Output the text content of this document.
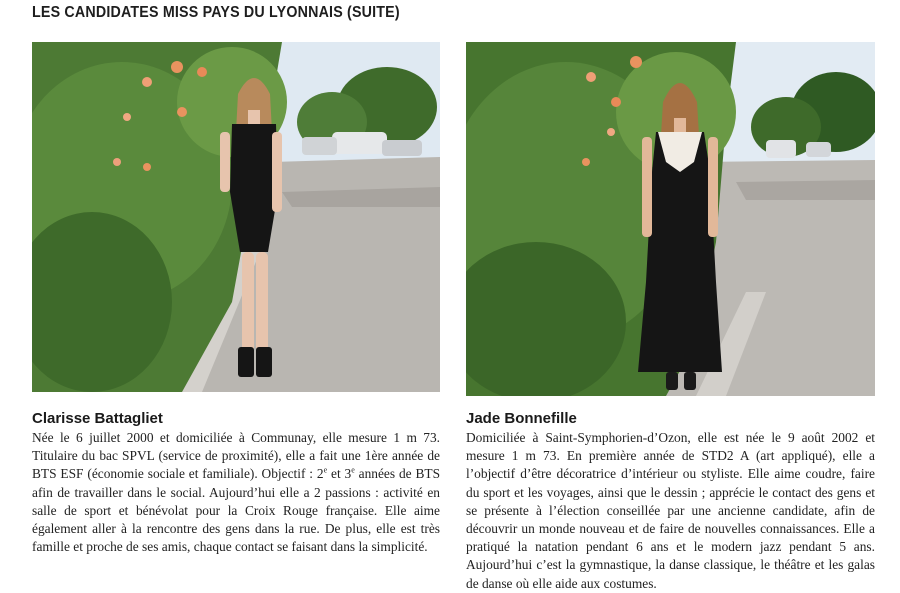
LES CANDIDATES MISS PAYS DU LYONNAIS (SUITE)
Clarisse Battagliet
Née le 6 juillet 2000 et domiciliée à Communay, elle mesure 1 m 73. Titulaire du bac SPVL (service de proximité), elle a fait une 1ère année de BTS ESF (économie sociale et familiale). Objectif : 2e et 3e années de BTS afin de travailler dans le social. Aujourd’hui elle a 2 passions : activité en salle de sport et bénévolat pour la Croix Rouge française. Elle aime également aller à la rencontre des gens dans la rue. De plus, elle est très famille et proche de ses amis, chaque contact se faisant dans la simplicité.
Jade Bonnefille
Domiciliée à Saint-Symphorien-d’Ozon, elle est née le 9 août 2002 et mesure 1 m 73. En première année de STD2 A (art appliqué), elle a l’objectif d’être décoratrice d’intérieur ou styliste. Elle aime coudre, faire du sport et les voyages, ainsi que le dessin ; apprécie le contact des gens et se présente à l’élection conseillée par une ancienne candidate, afin de découvrir un monde nouveau et de faire de nouvelles connaissances. Elle a pratiqué la natation pendant 6 ans et le modern jazz pendant 5 ans. Aujourd’hui c’est la gymnastique, la danse classique, le théâtre et les galas de danse où elle aide aux costumes.
